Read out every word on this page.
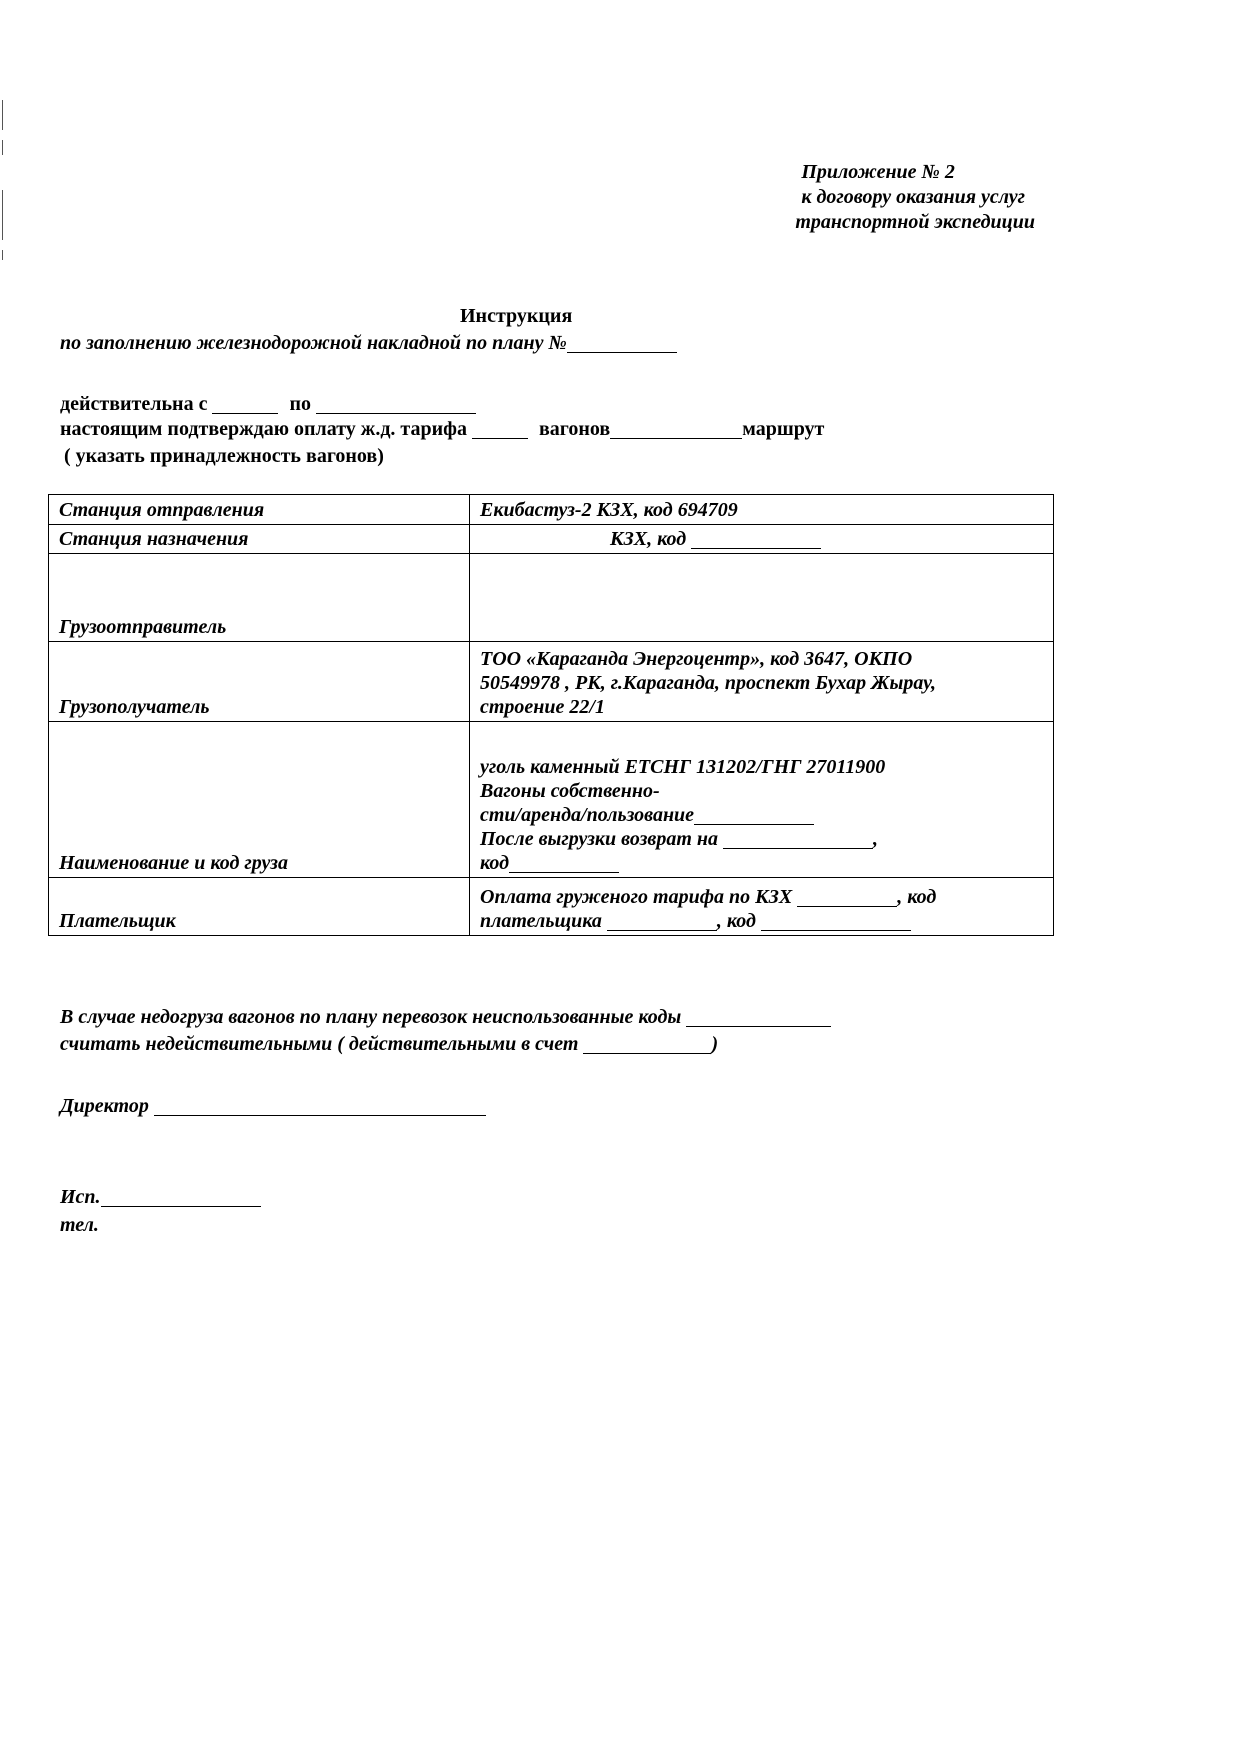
Приложение № 2
к договору оказания услуг
транспортной экспедиции
Инструкция
по заполнению железнодорожной накладной по плану №
действительна с	по
настоящим подтверждаю оплату ж.д. тарифа	вагонов	маршрут
( указать принадлежность вагонов)
Станция отправления	Екибастуз-2 КЗХ, код 694709
Станция назначения	КЗХ, код
Грузоотправитель	
Грузополучатель	ТОО «Караганда Энергоцентр», код 3647, ОКПО
50549978 , РК, г.Караганда, проспект Бухар Жырау,
строение 22/1

Наименование и код груза	уголь каменный ЕТСНГ 131202/ГНГ 27011900
Вагоны собственно-
сти/аренда/пользование
После выгрузки возврат на ,
код

Плательщик	Оплата груженого тарифа по КЗХ , код
плательщика , код
В случае недогруза вагонов по плану перевозок неиспользованные коды
считать недействительными ( действительными в счет	)
Директор
Исп.
тел.
